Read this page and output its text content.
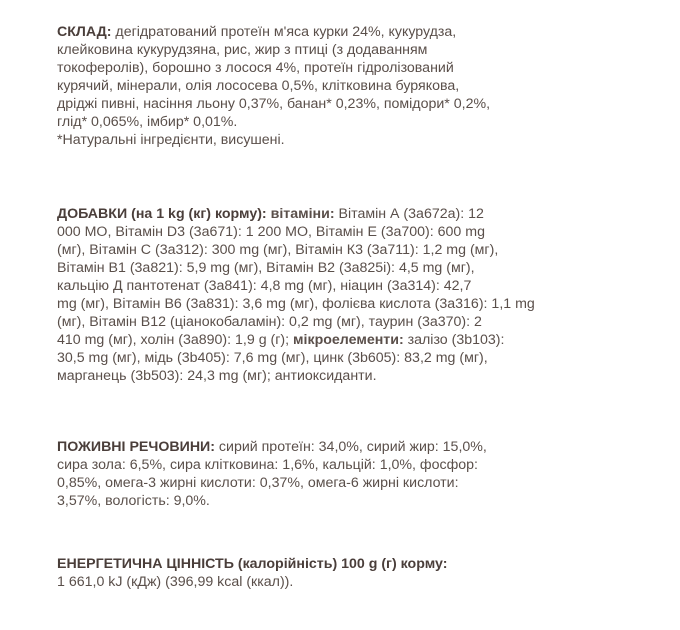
СКЛАД: дегідратований протеїн м'яса курки 24%, кукурудза,
клейковина кукурудзяна, рис, жир з птиці (з додаванням
токоферолів), борошно з лосося 4%, протеїн гідролізований
курячий, мінерали, олія лососева 0,5%, клітковина бурякова,
дріджі пивні, насіння льону 0,37%, банан* 0,23%, помідори* 0,2%,
глід* 0,065%, імбир* 0,01%.
*Натуральні інгредієнти, висушені.
ДОБАВКИ (на 1 kg (кг) корму): вітаміни: Вітамін А (3а672а): 12
000 МО, Вітамін D3 (3а671): 1 200 МО, Вітамін Е (3а700): 600 mg
(мг), Вітамін С (3а312): 300 mg (мг), Вітамін К3 (3а711): 1,2 mg (мг),
Вітамін В1 (3а821): 5,9 mg (мг), Вітамін В2 (3а825і): 4,5 mg (мг),
кальцію Д пантотенат (3а841): 4,8 mg (мг), ніацин (3а314): 42,7
mg (мг), Вітамін В6 (3а831): 3,6 mg (мг), фолієва кислота (3а316): 1,1 mg
(мг), Вітамін В12 (ціанокобаламін): 0,2 mg (мг), таурин (3а370): 2
410 mg (мг), холін (3а890): 1,9 g (г); мікроелементи: залізо (3b103):
30,5 mg (мг), мідь (3b405): 7,6 mg (мг), цинк (3b605): 83,2 mg (мг),
марганець (3b503): 24,3 mg (мг); антиоксиданти.
ПОЖИВНІ РЕЧОВИНИ: сирий протеїн: 34,0%, сирий жир: 15,0%,
сира зола: 6,5%, сира клітковина: 1,6%, кальцій: 1,0%, фосфор:
0,85%, омега-3 жирні кислоти: 0,37%, омега-6 жирні кислоти:
3,57%, вологість: 9,0%.
ЕНЕРГЕТИЧНА ЦІННІСТЬ (калорійність) 100 g (г) корму:
1 661,0 kJ (кДж) (396,99 kcal (ккал)).
